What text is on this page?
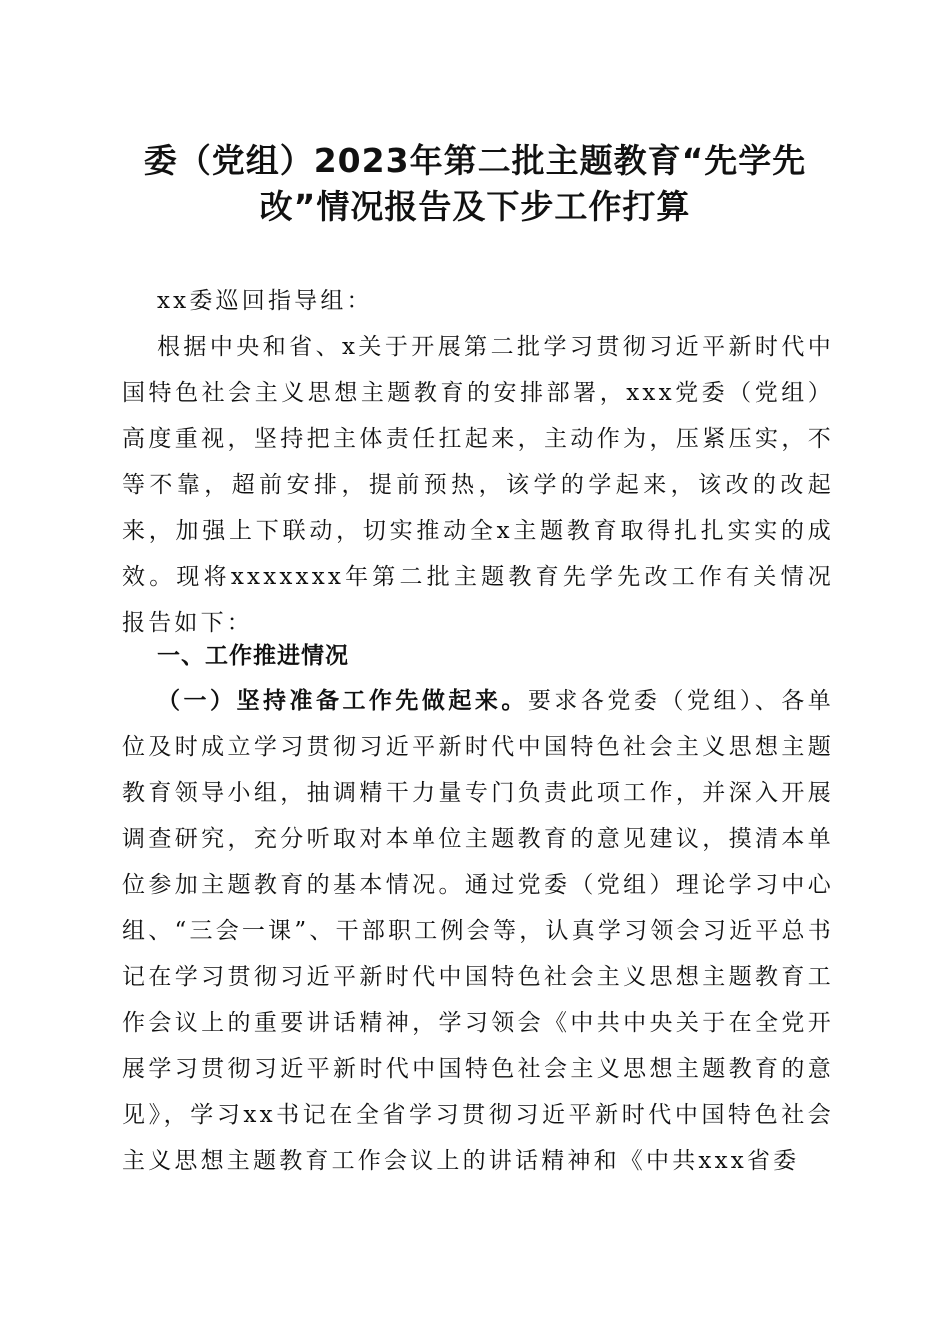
委（党组）2023年第二批主题教育“先学先
改”情况报告及下步工作打算
xx委巡回指导组：
根据中央和省、x关于开展第二批学习贯彻习近平新时代中国特色社会主义思想主题教育的安排部署，xxx党委（党组）高度重视，坚持把主体责任扛起来，主动作为，压紧压实，不等不靠，超前安排，提前预热，该学的学起来，该改的改起来，加强上下联动，切实推动全x主题教育取得扎扎实实的成效。现将xxxxxxx年第二批主题教育先学先改工作有关情况报告如下：
一、工作推进情况
（一）坚持准备工作先做起来。要求各党委（党组）、各单位及时成立学习贯彻习近平新时代中国特色社会主义思想主题教育领导小组，抽调精干力量专门负责此项工作，并深入开展调查研究，充分听取对本单位主题教育的意见建议，摸清本单位参加主题教育的基本情况。通过党委（党组）理论学习中心组、“三会一课”、干部职工例会等，认真学习领会习近平总书记在学习贯彻习近平新时代中国特色社会主义思想主题教育工作会议上的重要讲话精神，学习领会《中共中央关于在全党开展学习贯彻习近平新时代中国特色社会主义思想主题教育的意见》，学习xx书记在全省学习贯彻习近平新时代中国特色社会主义思想主题教育工作会议上的讲话精神和《中共xxx省委
